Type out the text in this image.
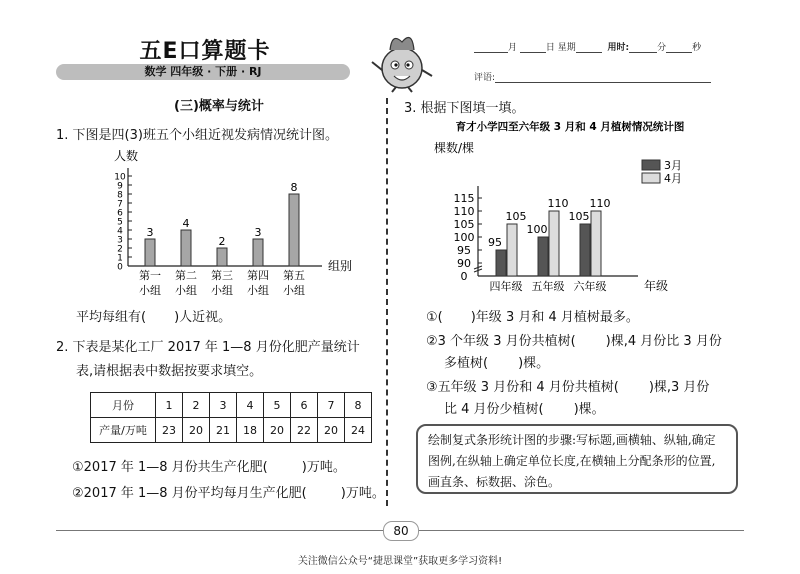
五E口算题卡
数学 四年级 · 下册 · RJ
月	日 星期	用时:	分	秒
评语:
(三)概率与统计
1. 下图是四(3)班五个小组近视发病情况统计图。
人数
0
1
2
3
4
5
6
7
8
9
10
3
第一小组
4
第二小组
2
第三小组
3
第四小组
8
第五小组
组别
平均每组有( )人近视。
2. 下表是某化工厂 2017 年 1—8 月份化肥产量统计
表,请根据表中数据按要求填空。
月份	1	2	3	4	5	6	7	8
产量/万吨	23	20	21	18	20	22	20	24
①2017 年 1—8 月份共生产化肥(	)万吨。
②2017 年 1—8 月份平均每月生产化肥(	)万吨。
3. 根据下图填一填。
育才小学四至六年级 3 月和 4 月植树情况统计图
棵数/棵
0
90
95
100
105
110
115
95
105
四年级
100
110
五年级
105
110
六年级	年级
3月
4月
①( )年级 3 月和 4 月植树最多。
②3 个年级 3 月份共植树( )棵,4 月份比 3 月份
多植树( )棵。
③五年级 3 月份和 4 月份共植树( )棵,3 月份
比 4 月份少植树( )棵。
绘制复式条形统计图的步骤:写标题,画横轴、纵轴,确定图例,在纵轴上确定单位长度,在横轴上分配条形的位置,画直条、标数据、涂色。
80
关注微信公众号“捷思课堂”获取更多学习资料!
